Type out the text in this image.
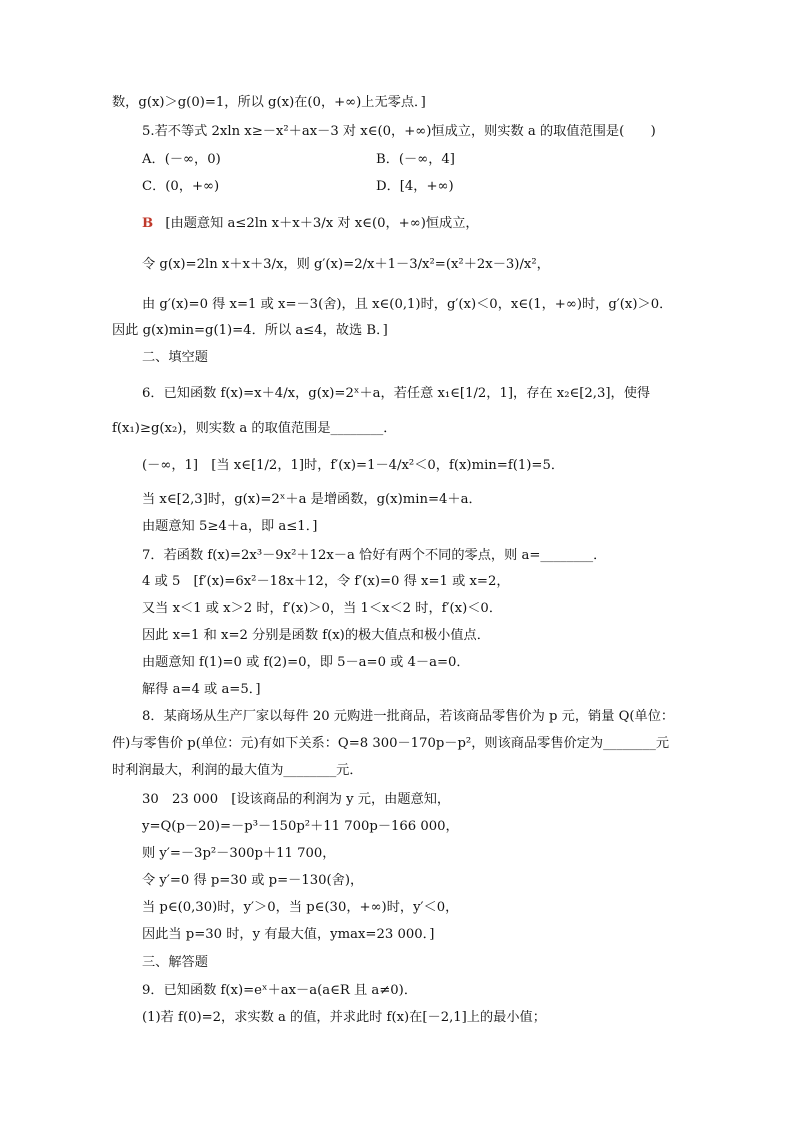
数，g(x)＞g(0)=1，所以 g(x)在(0，+∞)上无零点．]
5.若不等式 2xln x≥－x²＋ax－3 对 x∈(0，+∞)恒成立，则实数 a 的取值范围是(　　)
A．(－∞，0)	B．(－∞，4]
C．(0，+∞)	D．[4，+∞)
B [由题意知 a≤2ln x＋x＋3/x 对 x∈(0，+∞)恒成立，
令 g(x)=2ln x＋x＋3/x，则 g′(x)=2/x＋1－3/x²=(x²＋2x－3)/x²，
由 g′(x)=0 得 x=1 或 x=－3(舍)，且 x∈(0,1)时，g′(x)＜0，x∈(1，+∞)时，g′(x)＞0．
因此 g(x)min=g(1)=4．所以 a≤4，故选 B．]
二、填空题
6．已知函数 f(x)=x＋4/x，g(x)=2ˣ＋a，若任意 x₁∈[1/2，1]，存在 x₂∈[2,3]，使得
f(x₁)≥g(x₂)，则实数 a 的取值范围是________．
(－∞，1]　[当 x∈[1/2，1]时，f′(x)=1－4/x²＜0，f(x)min=f(1)=5．
当 x∈[2,3]时，g(x)=2ˣ＋a 是增函数，g(x)min=4＋a．
由题意知 5≥4＋a，即 a≤1．]
7．若函数 f(x)=2x³－9x²＋12x－a 恰好有两个不同的零点，则 a=________．
4 或 5　[f′(x)=6x²－18x＋12，令 f′(x)=0 得 x=1 或 x=2，
又当 x＜1 或 x＞2 时，f′(x)＞0，当 1＜x＜2 时，f′(x)＜0．
因此 x=1 和 x=2 分别是函数 f(x)的极大值点和极小值点．
由题意知 f(1)=0 或 f(2)=0，即 5－a=0 或 4－a=0．
解得 a=4 或 a=5．]
8．某商场从生产厂家以每件 20 元购进一批商品，若该商品零售价为 p 元，销量 Q(单位：
件)与零售价 p(单位：元)有如下关系：Q=8 300－170p－p²，则该商品零售价定为________元
时利润最大，利润的最大值为________元．
30　23 000　[设该商品的利润为 y 元，由题意知，
y=Q(p－20)=－p³－150p²＋11 700p－166 000，
则 y′=－3p²－300p＋11 700，
令 y′=0 得 p=30 或 p=－130(舍)，
当 p∈(0,30)时，y′＞0，当 p∈(30，+∞)时，y′＜0，
因此当 p=30 时，y 有最大值，ymax=23 000．]
三、解答题
9．已知函数 f(x)=eˣ＋ax－a(a∈R 且 a≠0)．
(1)若 f(0)=2，求实数 a 的值，并求此时 f(x)在[－2,1]上的最小值；
